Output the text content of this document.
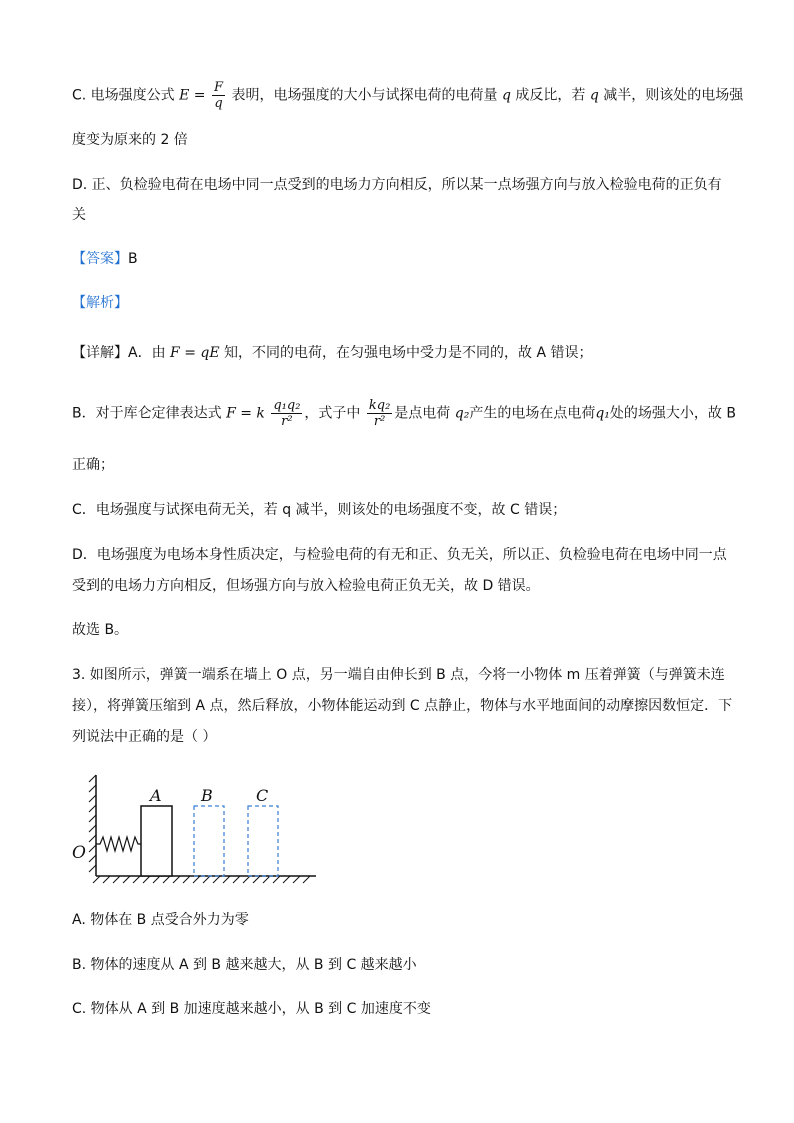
C. 电场强度公式 $E = \frac{F}{q}$ 表明，电场强度的大小与试探电荷的电荷量 q 成反比，若 q 减半，则该处的电场强
度变为原来的 2 倍
D. 正、负检验电荷在电场中同一点受到的电场力方向相反，所以某一点场强方向与放入检验电荷的正负有
关
【答案】B
【解析】
【详解】A．由 F = qE 知，不同的电荷，在匀强电场中受力是不同的，故 A 错误；
B．对于库仑定律表达式 F = k $\frac{\text{q₁q₂}}{\text{r²}}$ ，式子中 $\frac{\text{kq₂}}{\text{r²}}$ 是点电荷 q₂产生的电场在点电荷q₁处的场强大小，故 B
正确；
C．电场强度与试探电荷无关，若 q 减半，则该处的电场强度不变，故 C 错误；
D．电场强度为电场本身性质决定，与检验电荷的有无和正、负无关，所以正、负检验电荷在电场中同一点
受到的电场力方向相反，但场强方向与放入检验电荷正负无关，故 D 错误。
故选 B。
3. 如图所示，弹簧一端系在墙上 O 点，另一端自由伸长到 B 点，今将一小物体 m 压着弹簧（与弹簧未连
接），将弹簧压缩到 A 点，然后释放，小物体能运动到 C 点静止，物体与水平地面间的动摩擦因数恒定．下
列说法中正确的是（ ）
A B	C
O
A. 物体在 B 点受合外力为零
B. 物体的速度从 A 到 B 越来越大，从 B 到 C 越来越小
C. 物体从 A 到 B 加速度越来越小，从 B 到 C 加速度不变
